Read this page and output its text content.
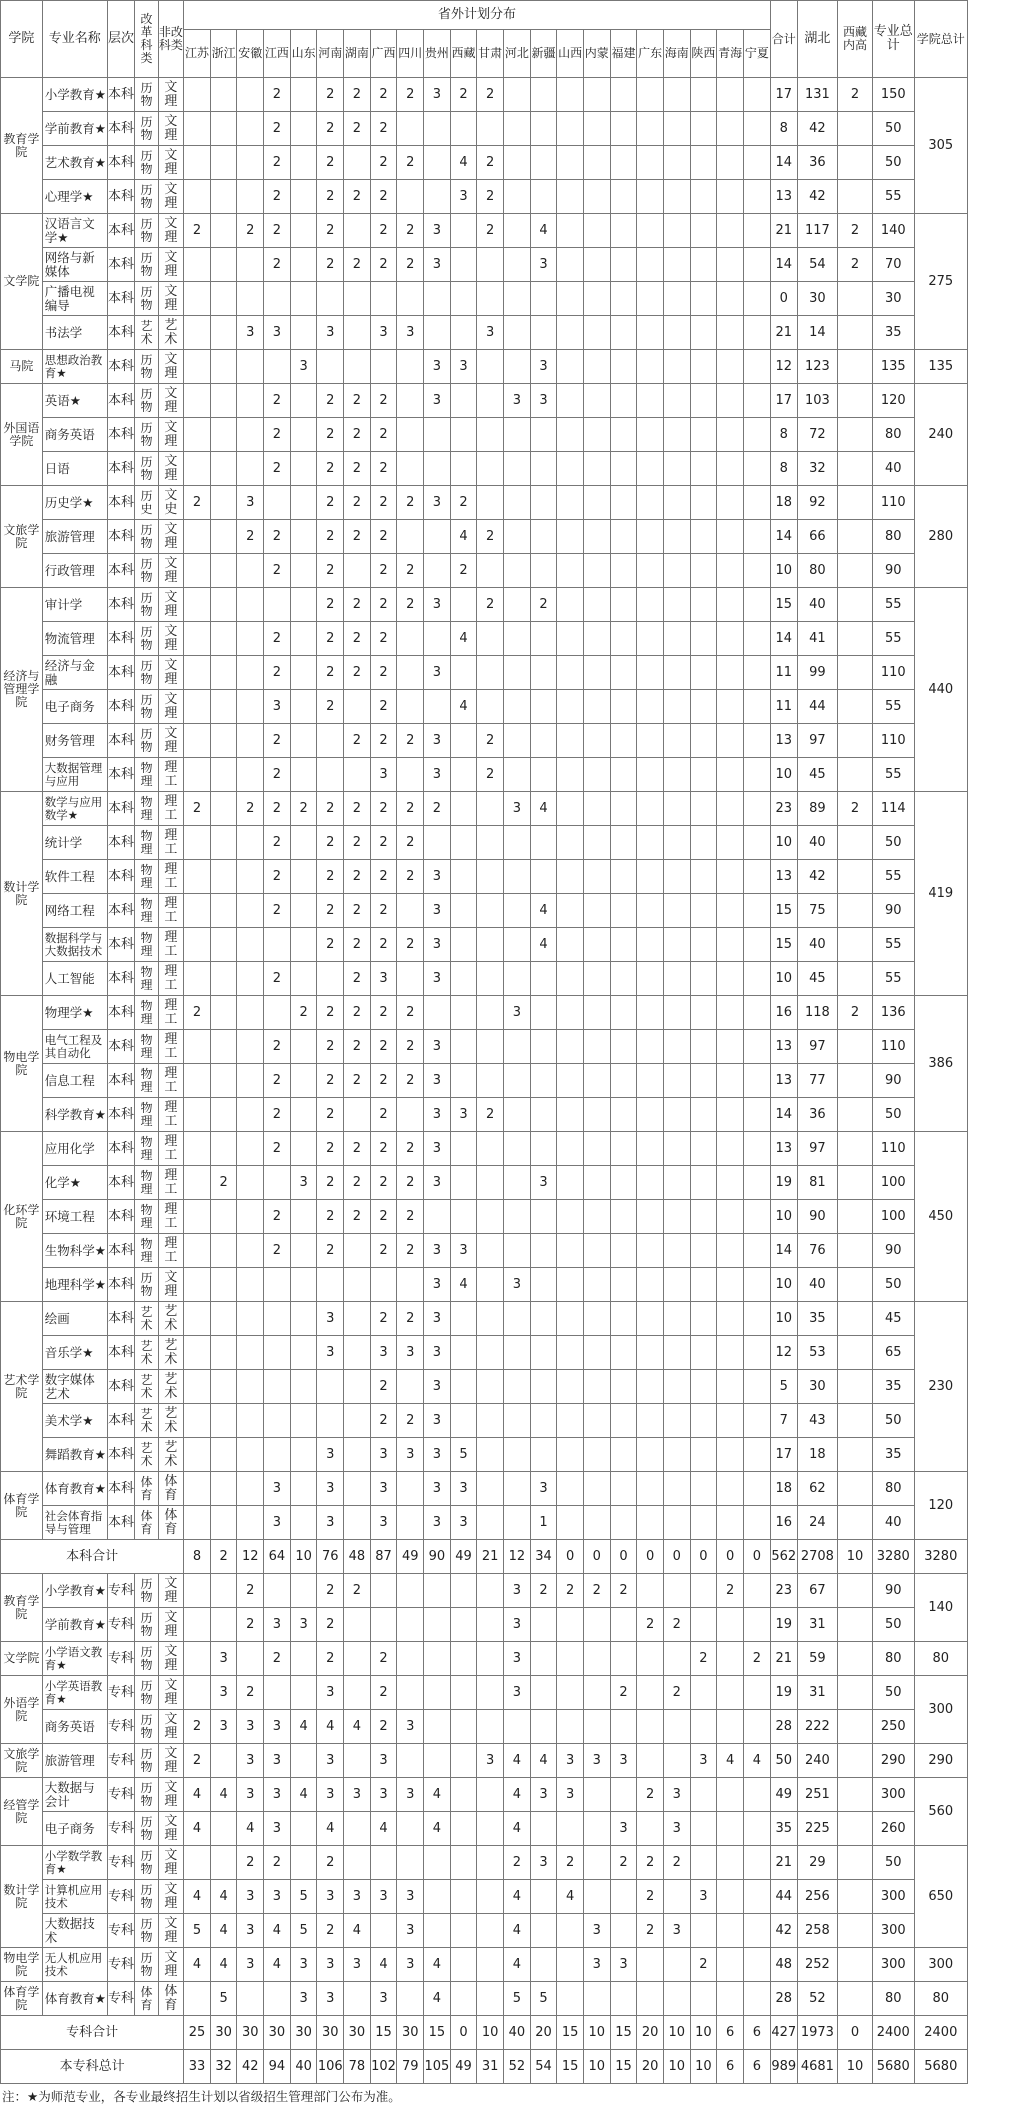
学院	专业名称	层次	改革科类	非改科类	省外计划分布																						合计	湖北	西藏内高	专业总计	学院总计
					江苏	浙江	安徽	江西	山东	河南	湖南	广西	四川	贵州	西藏	甘肃	河北	新疆	山西	内蒙	福建	广东	海南	陕西	青海	宁夏					
教育学院	小学教育★	本科	历物	文理				2		2	2	2	2	3	2	2											17	131	2	150	305
	学前教育★	本科	历物	文理				2		2	2	2															8	42		50	
	艺术教育★	本科	历物	文理				2		2		2	2		4	2											14	36		50	
	心理学★	本科	历物	文理				2		2	2	2			3	2											13	42		55	
文学院	汉语言文学★	本科	历物	文理	2		2	2		2		2	2	3		2		4									21	117	2	140	275
	网络与新媒体	本科	历物	文理				2		2	2	2	2	3				3									14	54	2	70	
	广播电视编导	本科	历物	文理																							0	30		30	
	书法学	本科	艺术	艺术			3	3		3		3	3			3											21	14		35	
马院	思想政治教育★	本科	历物	文理					3					3	3			3									12	123		135	135
外国语学院	英语★	本科	历物	文理				2		2	2	2		3			3	3									17	103		120	240
	商务英语	本科	历物	文理				2		2	2	2															8	72		80	
	日语	本科	历物	文理				2		2	2	2															8	32		40	
文旅学院	历史学★	本科	历史	文史	2		3			2	2	2	2	3	2												18	92		110	280
	旅游管理	本科	历物	文理			2	2		2	2	2			4	2											14	66		80	
	行政管理	本科	历物	文理				2		2		2	2		2												10	80		90	
经济与管理学院	审计学	本科	历物	文理						2	2	2	2	3		2		2									15	40		55	440
	物流管理	本科	历物	文理				2		2	2	2			4												14	41		55	
	经济与金融	本科	历物	文理				2		2	2	2		3													11	99		110	
	电子商务	本科	历物	文理				3		2		2			4												11	44		55	
	财务管理	本科	历物	文理				2			2	2	2	3		2											13	97		110	
	大数据管理与应用	本科	物理	理工				2				3		3		2											10	45		55	
数计学院	数学与应用数学★	本科	物理	理工	2		2	2	2	2	2	2	2	2			3	4									23	89	2	114	419
	统计学	本科	物理	理工				2		2	2	2	2														10	40		50	
	软件工程	本科	物理	理工				2		2	2	2	2	3													13	42		55	
	网络工程	本科	物理	理工				2		2	2	2		3				4									15	75		90	
	数据科学与大数据技术	本科	物理	理工						2	2	2	2	3				4									15	40		55	
	人工智能	本科	物理	理工				2			2	3		3													10	45		55	
物电学院	物理学★	本科	物理	理工	2				2	2	2	2	2				3										16	118	2	136	386
	电气工程及其自动化	本科	物理	理工				2		2	2	2	2	3													13	97		110	
	信息工程	本科	物理	理工				2		2	2	2	2	3													13	77		90	
	科学教育★	本科	物理	理工				2		2		2		3	3	2											14	36		50	
化环学院	应用化学	本科	物理	理工				2		2	2	2	2	3													13	97		110	450
	化学★	本科	物理	理工		2			3	2	2	2	2	3				3									19	81		100	
	环境工程	本科	物理	理工				2		2	2	2	2														10	90		100	
	生物科学★	本科	物理	理工				2		2		2	2	3	3												14	76		90	
	地理科学★	本科	历物	文理										3	4		3										10	40		50	
艺术学院	绘画	本科	艺术	艺术						3		2	2	3													10	35		45	230
	音乐学★	本科	艺术	艺术						3		3	3	3													12	53		65	
	数字媒体艺术	本科	艺术	艺术								2		3													5	30		35	
	美术学★	本科	艺术	艺术								2	2	3													7	43		50	
	舞蹈教育★	本科	艺术	艺术						3		3	3	3	5												17	18		35	
体育学院	体育教育★	本科	体育	体育				3		3		3		3	3			3									18	62		80	120
	社会体育指导与管理	本科	体育	体育				3		3		3		3	3			1									16	24		40	
本科合计					8	2	12	64	10	76	48	87	49	90	49	21	12	34	0	0	0	0	0	0	0	0	562	2708	10	3280	3280
教育学院	小学教育★	专科	历物	文理			2			2	2						3	2	2	2	2				2		23	67		90	140
	学前教育★	专科	历物	文理			2	3	3	2							3					2	2				19	31		50	
文学院	小学语文教育★	专科	历物	文理		3		2		2		2					3							2		2	21	59		80	80
外语学院	小学英语教育★	专科	历物	文理		3	2			3		2					3				2		2				19	31		50	300
	商务英语	专科	历物	文理	2	3	3	3	4	4	4	2	3														28	222		250	
文旅学院	旅游管理	专科	历物	文理	2		3	3		3		3				3	4	4	3	3	3			3	4	4	50	240		290	290
经管学院	大数据与会计	专科	历物	文理	4	4	3	3	4	3	3	3	3	4			4	3	3			2	3				49	251		300	560
	电子商务	专科	历物	文理	4		4	3		4		4		4			4				3		3				35	225		260	
数计学院	小学数学教育★	专科	历物	文理			2	2		2							2	3	2		2	2	2				21	29		50	650
	计算机应用技术	专科	历物	文理	4	4	3	3	5	3	3	3	3				4		4			2		3			44	256		300	
	大数据技术	专科	历物	文理	5	4	3	4	5	2	4		3				4			3		2	3				42	258		300	
物电学院	无人机应用技术	专科	历物	文理	4	4	3	4	3	3	3	4	3	4			4			3	3			2			48	252		300	300
体育学院	体育教育★	专科	体育	体育		5			3	3		3		4			5	5									28	52		80	80
专科合计					25	30	30	30	30	30	30	15	30	15	0	10	40	20	15	10	15	20	10	10	6	6	427	1973	0	2400	2400
本专科总计					33	32	42	94	40	106	78	102	79	105	49	31	52	54	15	10	15	20	10	10	6	6	989	4681	10	5680	5680
注：★为师范专业，各专业最终招生计划以省级招生管理部门公布为准。
